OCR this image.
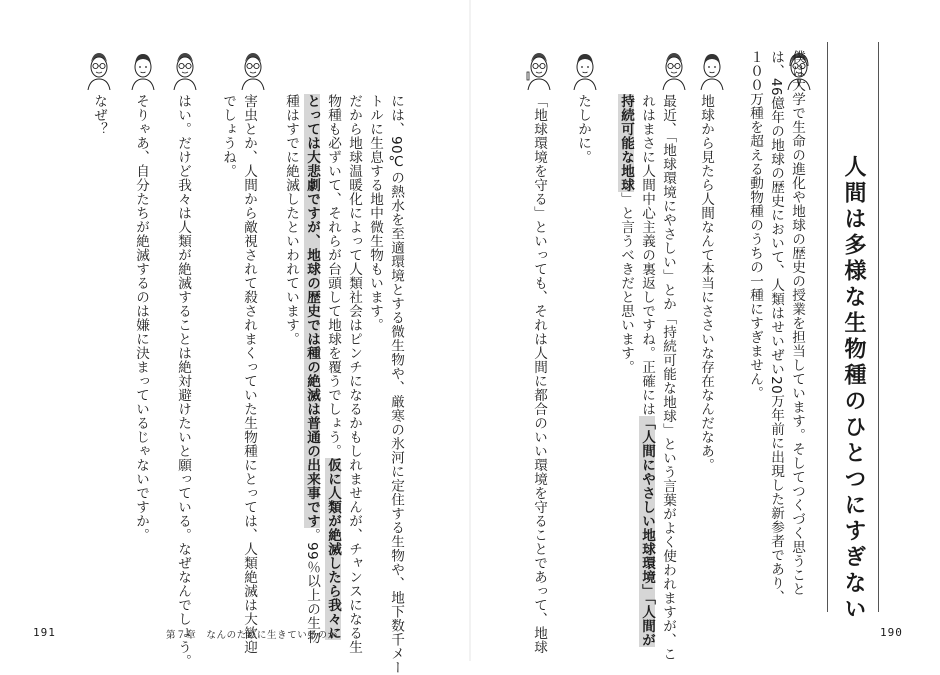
人間は多様な生物種のひとつにすぎない
僕は大学で生命の進化や地球の歴史の授業を担当しています。そしてつくづく思うこと
は、46億年の地球の歴史において、人類はせいぜい20万年前に出現した新参者であり、
１００万種を超える動物種のうちの一種にすぎません。
地球から見たら人間なんて本当にささいな存在なんだなあ。
最近、「地球環境にやさしい」とか「持続可能な地球」という言葉がよく使われますが、こ
れはまさに人間中心主義の裏返しですね。正確には「人間にやさしい地球環境」「人間が
持続可能な地球」と言うべきだと思います。
たしかに。
「地球環境を守る」といっても、それは人間に都合のいい環境を守ることであって、地球
には、90℃の熱水を至適環境とする微生物や、厳寒の氷河に定住する生物や、地下数千メー
トルに生息する地中微生物もいます。
だから地球温暖化によって人類社会はピンチになるかもしれませんが、チャンスになる生
物種も必ずいて、それらが台頭して地球を覆うでしょう。仮に人類が絶滅したら我々に
とっては大悲劇ですが、地球の歴史では種の絶滅は普通の出来事です。99％以上の生物
種はすでに絶滅したといわれています。
害虫とか、人間から敵視されて殺されまくっていた生物種にとっては、人類絶滅は大歓迎
でしょうね。
はい。だけど我々は人類が絶滅することは絶対避けたいと願っている。なぜなんでしょう。
そりゃあ、自分たちが絶滅するのは嫌に決まっているじゃないですか。
なぜ？
191	第７章　なんのために生きているのか	190
